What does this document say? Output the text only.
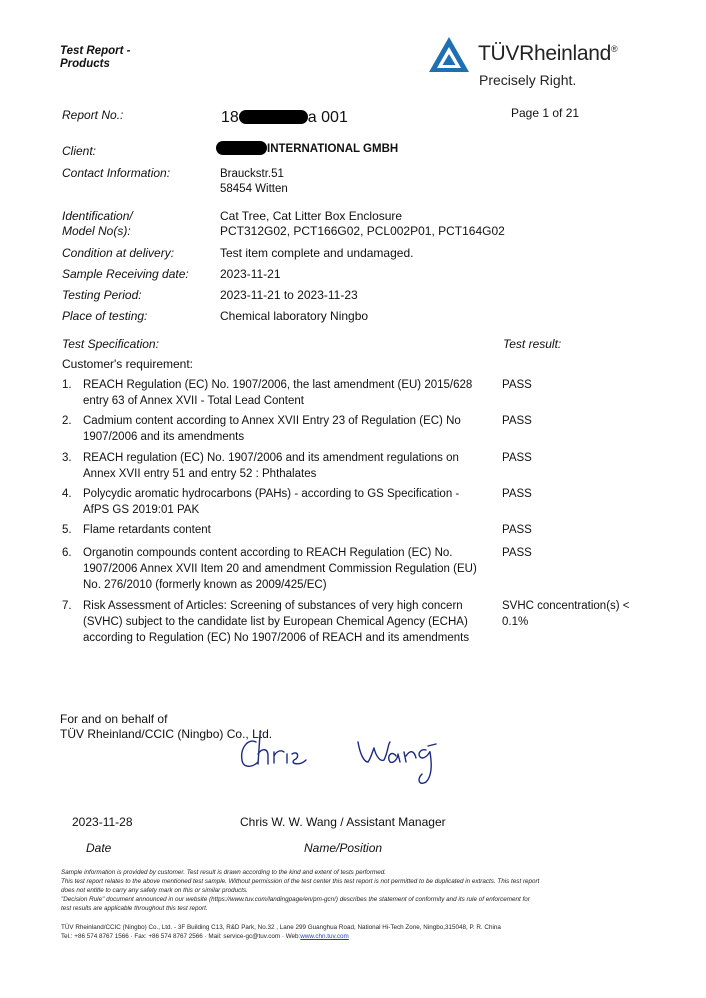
Test Report -
Products	TÜVRheinland®
Precisely Right.
Report No.:	18	a 001	Page 1 of 21
Client:	INTERNATIONAL GMBH
Contact Information:	Brauckstr.51
58454 Witten
Identification/
Model No(s):
Cat Tree, Cat Litter Box Enclosure
PCT312G02, PCT166G02, PCL002P01, PCT164G02
Condition at delivery:	Test item complete and undamaged.
Sample Receiving date:	2023-11-21
Testing Period:	2023-11-21 to 2023-11-23
Place of testing:	Chemical laboratory Ningbo
Test Specification:	Test result:
Customer's requirement:
1. REACH Regulation (EC) No. 1907/2006, the last amendment (EU) 2015/628
entry 63 of Annex XVII - Total Lead Content
PASS
2. Cadmium content according to Annex XVII Entry 23 of Regulation (EC) No
1907/2006 and its amendments
PASS
3. REACH regulation (EC) No. 1907/2006 and its amendment regulations on
Annex XVII entry 51 and entry 52 : Phthalates
PASS
4. Polycydic aromatic hydrocarbons (PAHs) - according to GS Specification -
AfPS GS 2019:01 PAK
PASS
5. Flame retardants content	PASS
6. Organotin compounds content according to REACH Regulation (EC) No.
1907/2006 Annex XVII Item 20 and amendment Commission Regulation (EU)
No. 276/2010 (formerly known as 2009/425/EC)
PASS
7. Risk Assessment of Articles: Screening of substances of very high concern
(SVHC) subject to the candidate list by European Chemical Agency (ECHA)
according to Regulation (EC) No 1907/2006 of REACH and its amendments
SVHC concentration(s) <
0.1%
For and on behalf of
TÜV Rheinland/CCIC (Ningbo) Co., Ltd.
2023-11-28	Chris W. W. Wang / Assistant Manager
Date	Name/Position
Sample information is provided by customer. Test result is drawn according to the kind and extent of tests performed.
This test report relates to the above mentioned test sample. Without permission of the test center this test report is not permitted to be duplicated in extracts. This test report
does not entitle to carry any safety mark on this or similar products.
"Decision Rule" document announced in our website (https://www.tuv.com/landingpage/en/pm-gcn/) describes the statement of conformity and its rule of enforcement for
test results are applicable throughout this test report.
TÜV Rheinland/CCIC (Ningbo) Co., Ltd. - 3F Building C13, R&D Park, No.32 , Lane 299 Guanghua Road, National Hi-Tech Zone, Ningbo,315048, P. R. China
Tel.: +86 574 8767 1566 · Fax: +86 574 8767 2566 · Mail: service-gc@tuv.com · Web:www.chn.tuv.com
